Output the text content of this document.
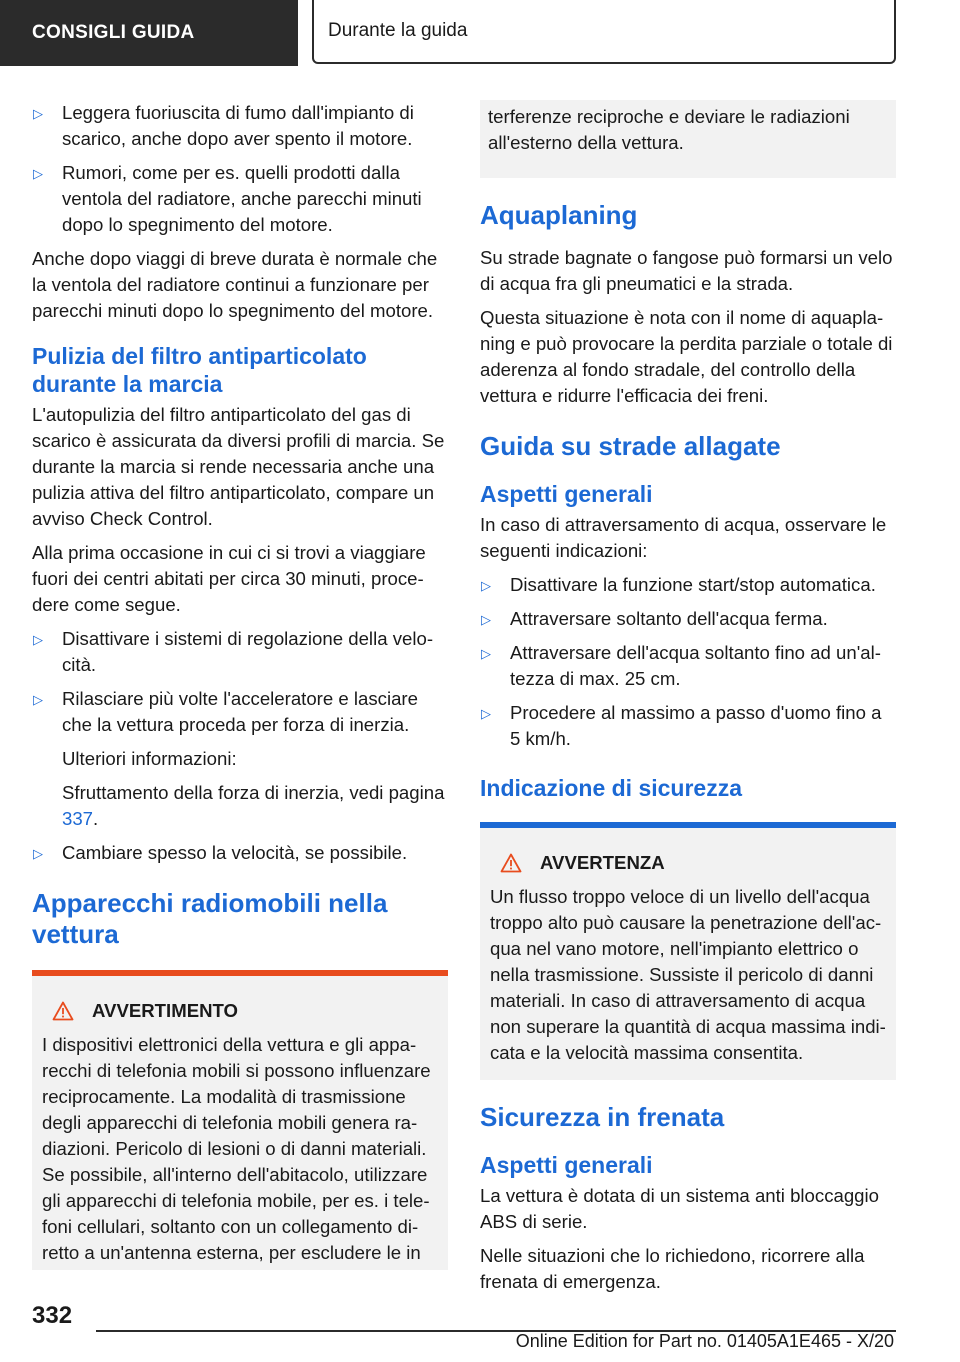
CONSIGLI GUIDA	Durante la guida
▷ Leggera fuoriuscita di fumo dall'impianto di scarico, anche dopo aver spento il motore.
▷ Rumori, come per es. quelli prodotti dalla ventola del radiatore, anche parecchi minuti dopo lo spegnimento del motore.

Anche dopo viaggi di breve durata è normale che la ventola del radiatore continui a funzionare per parecchi minuti dopo lo spegnimento del motore.

Pulizia del filtro antiparticolato durante la marcia

L'autopulizia del filtro antiparticolato del gas di scarico è assicurata da diversi profili di marcia. Se durante la marcia si rende necessaria anche una pulizia attiva del filtro antiparticolato, compare un avviso Check Control.

Alla prima occasione in cui ci si trovi a viaggiare fuori dei centri abitati per circa 30 minuti, procedere come segue.

▷ Disattivare i sistemi di regolazione della velocità.
▷ Rilasciare più volte l'acceleratore e lasciare che la vettura proceda per forza di inerzia.

Ulteriori informazioni:

Sfruttamento della forza di inerzia, vedi pagina 337.

▷ Cambiare spesso la velocità, se possibile.
Apparecchi radiomobili nella vettura
AVVERTIMENTO

I dispositivi elettronici della vettura e gli apparecchi di telefonia mobili si possono influenzare reciprocamente. La modalità di trasmissione degli apparecchi di telefonia mobili genera radiazioni. Pericolo di lesioni o di danni materiali. Se possibile, all'interno dell'abitacolo, utilizzare gli apparecchi di telefonia mobile, per es. i telefoni cellulari, soltanto con un collegamento diretto a un'antenna esterna, per escludere le in

terferenze reciproche e deviare le radiazioni all'esterno della vettura.

Aquaplaning

Su strade bagnate o fangose può formarsi un velo di acqua fra gli pneumatici e la strada.

Questa situazione è nota con il nome di aquaplaning e può provocare la perdita parziale o totale di aderenza al fondo stradale, del controllo della vettura e ridurre l'efficacia dei freni.

Guida su strade allagate
Aspetti generali

In caso di attraversamento di acqua, osservare le seguenti indicazioni:

▷ Disattivare la funzione start/stop automatica.
▷ Attraversare soltanto dell'acqua ferma.
▷ Attraversare dell'acqua soltanto fino ad un'altezza di max. 25 cm.
▷ Procedere al massimo a passo d'uomo fino a 5 km/h.
Indicazione di sicurezza
AVVERTENZA

Un flusso troppo veloce di un livello dell'acqua troppo alto può causare la penetrazione dell'acqua nel vano motore, nell'impianto elettrico o nella trasmissione. Sussiste il pericolo di danni materiali. In caso di attraversamento di acqua non superare la quantità di acqua massima indicata e la velocità massima consentita.

Sicurezza in frenata
Aspetti generali

La vettura è dotata di un sistema anti bloccaggio ABS di serie.

Nelle situazioni che lo richiedono, ricorrere alla frenata di emergenza.

332
Online Edition for Part no. 01405A1E465 - X/20
